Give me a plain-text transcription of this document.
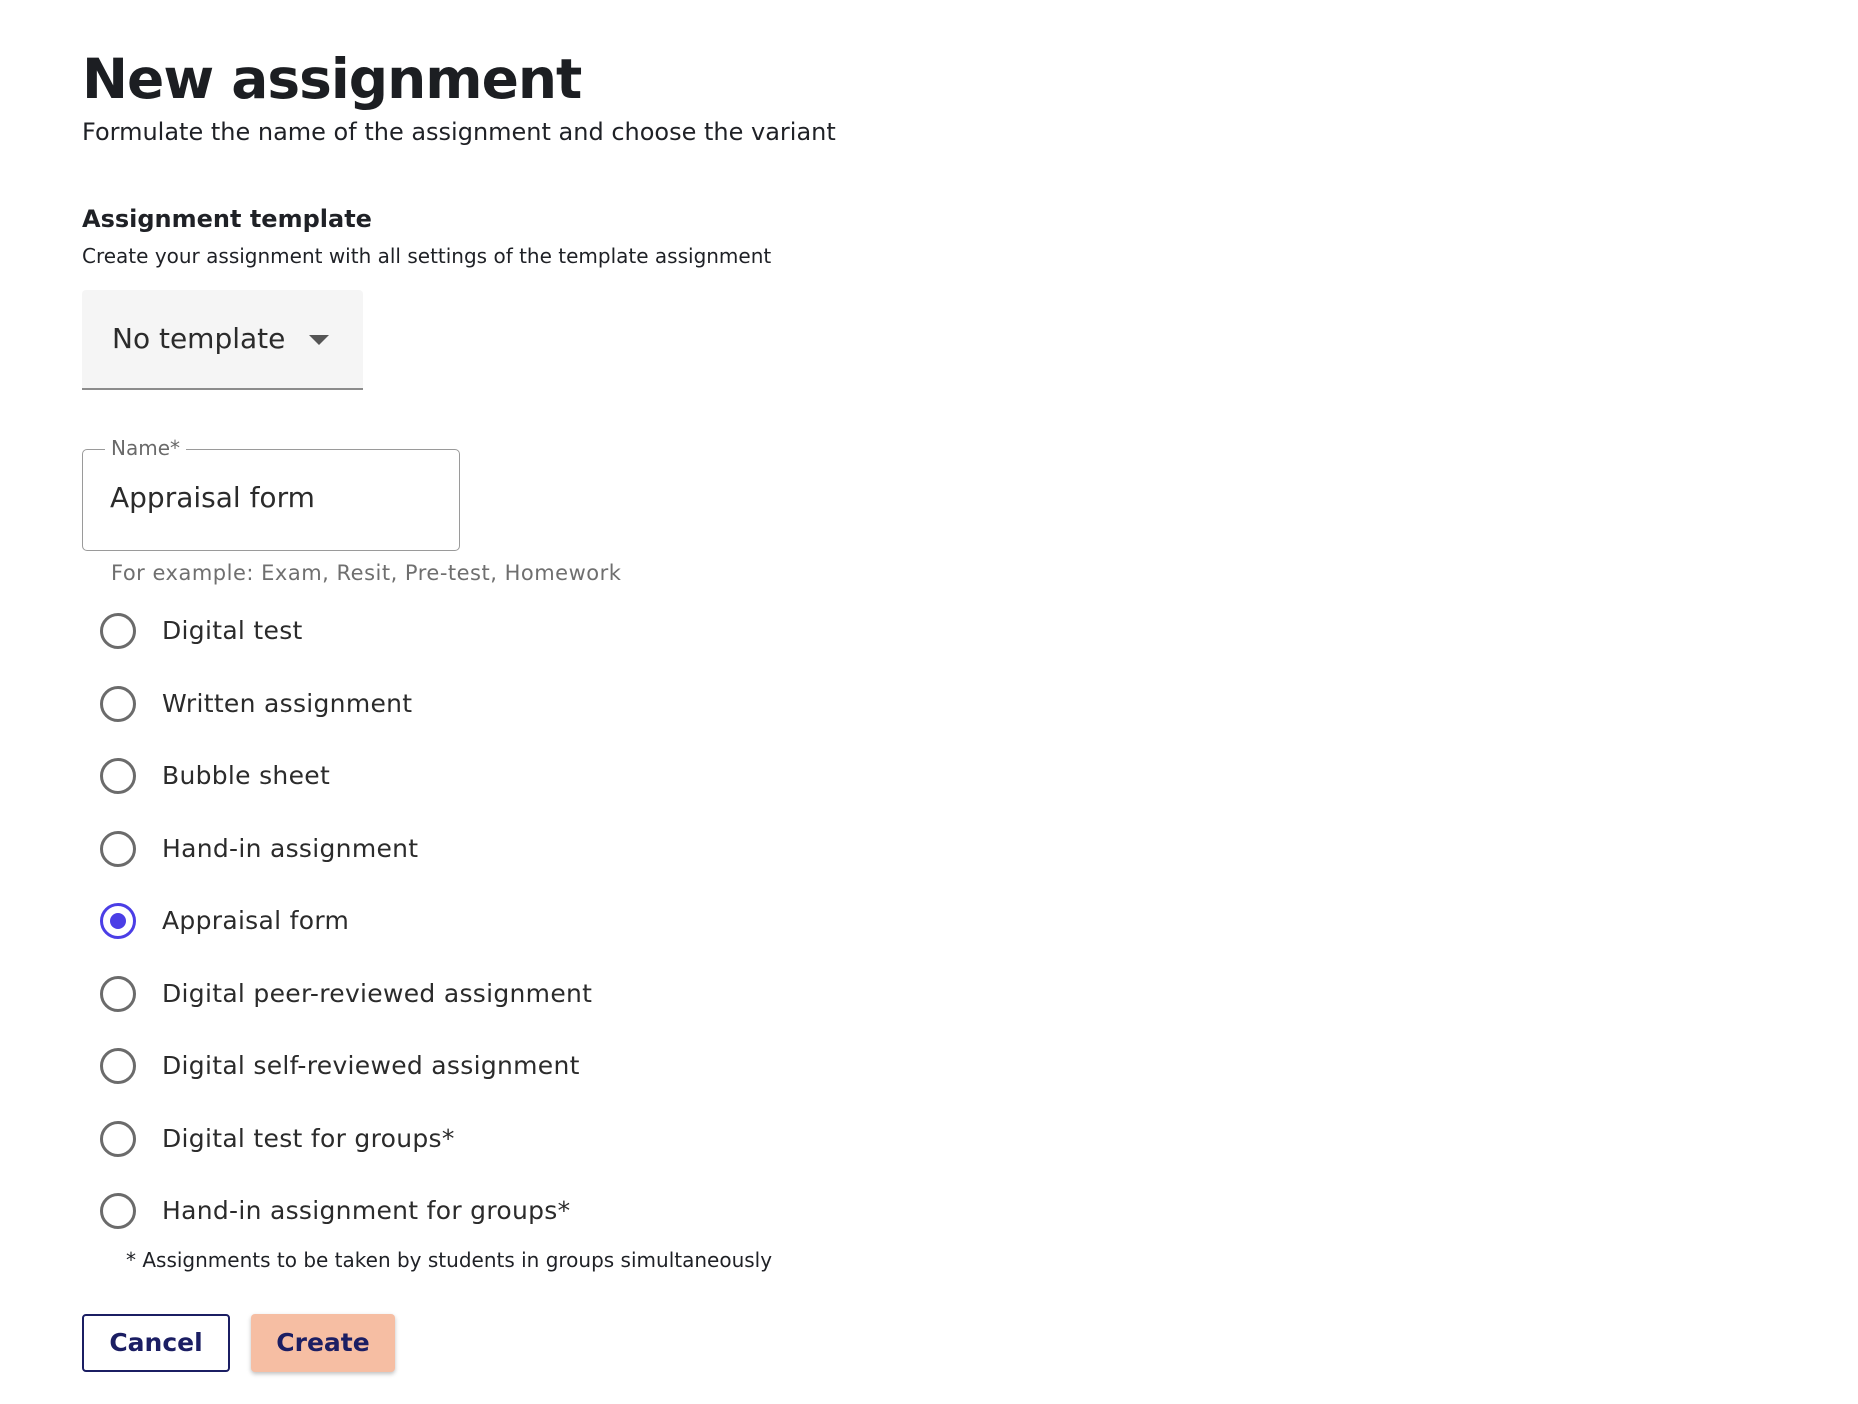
New assignment

Formulate the name of the assignment and choose the variant

Assignment template

Create your assignment with all settings of the template assignment

No template
Name*
Appraisal form

For example: Exam, Resit, Pre-test, Homework

Digital test
Written assignment
Bubble sheet
Hand-in assignment
Appraisal form
Digital peer-reviewed assignment
Digital self-reviewed assignment
Digital test for groups*
Hand-in assignment for groups*

* Assignments to be taken by students in groups simultaneously

Cancel	Create
